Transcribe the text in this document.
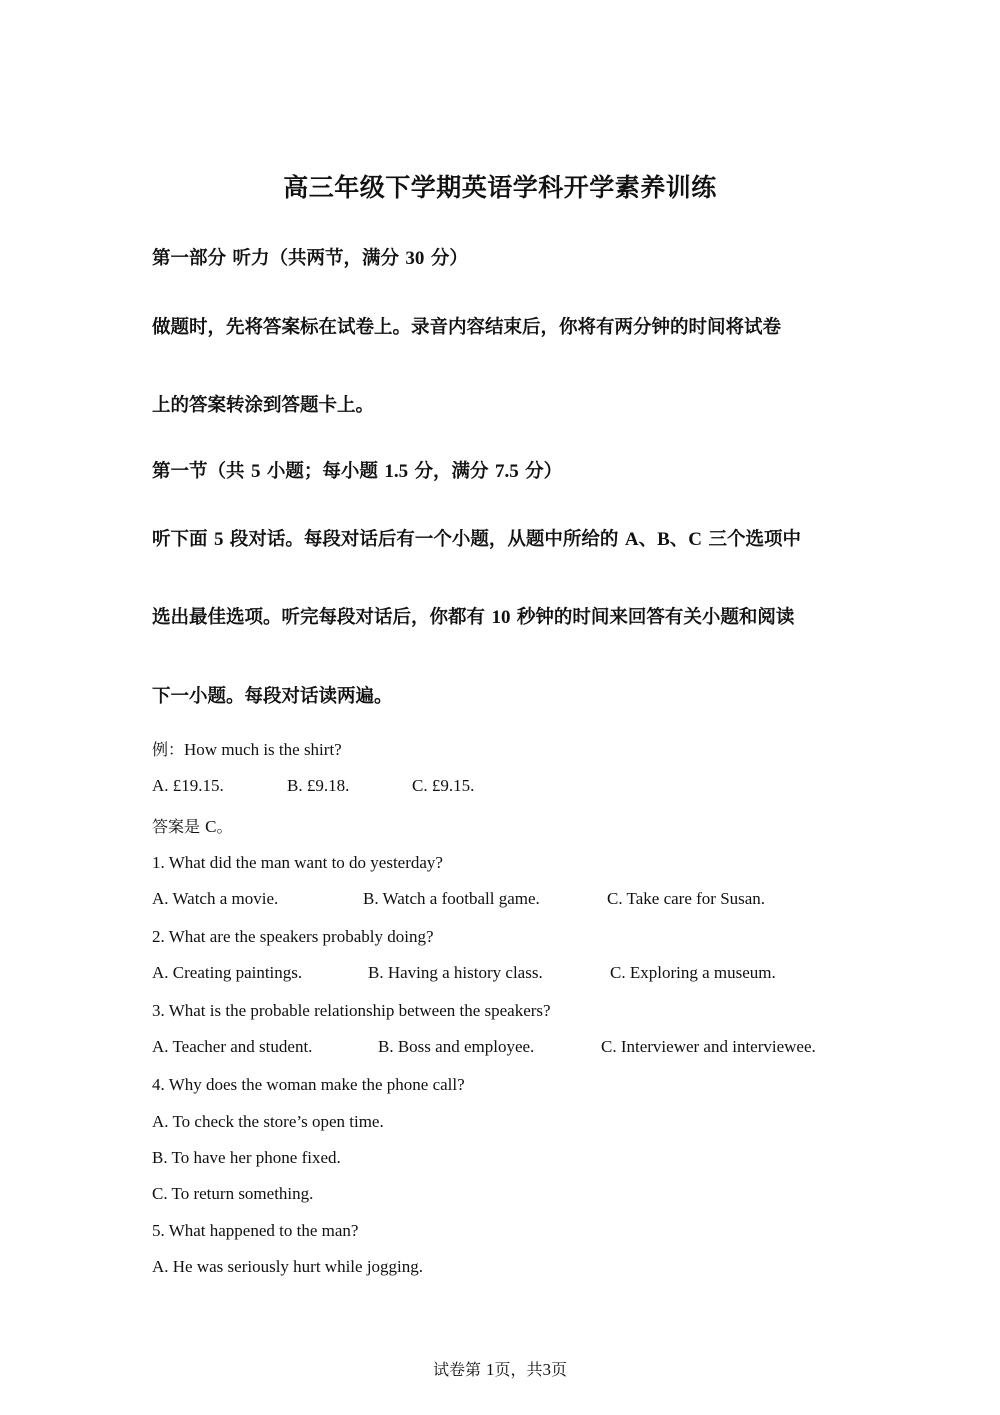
高三年级下学期英语学科开学素养训练
第一部分 听力（共两节，满分 30 分）
做题时，先将答案标在试卷上。录音内容结束后，你将有两分钟的时间将试卷
上的答案转涂到答题卡上。
第一节（共 5 小题；每小题 1.5 分，满分 7.5 分）
听下面 5 段对话。每段对话后有一个小题，从题中所给的 A、B、C 三个选项中
选出最佳选项。听完每段对话后，你都有 10 秒钟的时间来回答有关小题和阅读
下一小题。每段对话读两遍。
例：How much is the shirt?
A. £19.15.	B. £9.18.	C. £9.15.
答案是 C。
1. What did the man want to do yesterday?
A. Watch a movie.	B. Watch a football game.	C. Take care for Susan.
2. What are the speakers probably doing?
A. Creating paintings.	B. Having a history class.	C. Exploring a museum.
3. What is the probable relationship between the speakers?
A. Teacher and student.	B. Boss and employee.	C. Interviewer and interviewee.
4. Why does the woman make the phone call?
A. To check the store’s open time.
B. To have her phone fixed.
C. To return something.
5. What happened to the man?
A. He was seriously hurt while jogging.
试卷第 1页，共3页
